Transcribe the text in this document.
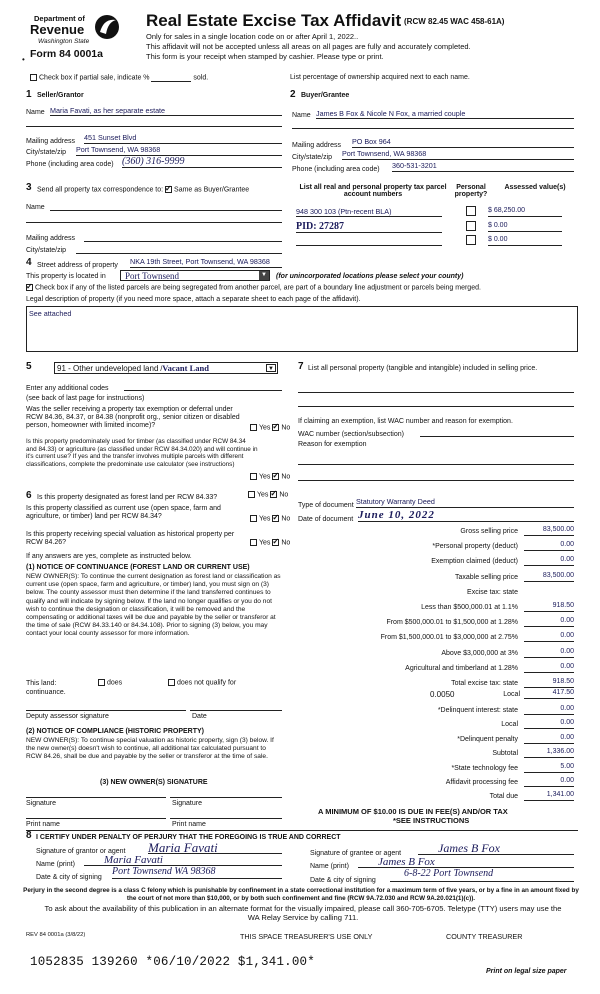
Department of
Revenue
Washington State
Form 84 0001a
•
Real Estate Excise Tax Affidavit (RCW 82.45 WAC 458-61A)
Only for sales in a single location code on or after April 1, 2022..
This affidavit will not be accepted unless all areas on all pages are fully and accurately completed.
This form is your receipt when stamped by cashier. Please type or print.
Check box if partial sale, indicate %	sold.	List percentage of ownership acquired next to each name.
1 Seller/Grantor
Name Maria Favati, as her separate estate
Mailing address 451 Sunset Blvd
City/state/zip Port Townsend, WA 98368
Phone (including area code) (360) 316-9999
2 Buyer/Grantee
Name James B Fox & Nicole N Fox, a married couple
Mailing address PO Box 964
City/state/zip Port Townsend, WA 98368
Phone (including area code) 360-531-3201
3 Send all property tax correspondence to: ✓ Same as Buyer/Grantee
Name
Mailing address
City/state/zip
List all real and personal property tax parcel account numbers
Personal property?
Assessed value(s)
948 300 103 (Ptn-recent BLA)	$ 68,250.00
PID: 27287	$ 0.00
$ 0.00
4 Street address of property NKA 19th Street, Port Townsend, WA 98368
This property is located in	Port Townsend	▼ (for unincorporated locations please select your county)
✓Check box if any of the listed parcels are being segregated from another parcel, are part of a boundary line adjustment or parcels being merged.
Legal description of property (if you need more space, attach a separate sheet to each page of the affidavit).
See attached
5	91 - Other undeveloped land /Vacant Land	▼
Enter any additional codes
(see back of last page for instructions)
Was the seller receiving a property tax exemption or deferral under RCW 84.36, 84.37, or 84.38 (nonprofit org., senior citizen or disabled person, homeowner with limited income)?	Yes ✓ No
Is this property predominately used for timber (as classified under RCW 84.34 and 84.33) or agriculture (as classified under RCW 84.34.020) and will continue in it's current use? If yes and the transfer involves multiple parcels with different classifications, complete the predominate use calculator (see instructions)
Yes ✓ No
6 Is this property designated as forest land per RCW 84.33?	Yes ✓ No
Is this property classified as current use (open space, farm and agriculture, or timber) land per RCW 84.34?	Yes ✓ No
Is this property receiving special valuation as historical property per RCW 84.26?	Yes ✓ No
If any answers are yes, complete as instructed below.
(1) NOTICE OF CONTINUANCE (FOREST LAND OR CURRENT USE)
NEW OWNER(S): To continue the current designation as forest land or classification as current use (open space, farm and agriculture, or timber) land, you must sign on (3) below. The county assessor must then determine if the land transferred continues to qualify and will indicate by signing below. If the land no longer qualifies or you do not wish to continue the designation or classification, it will be removed and the compensating or additional taxes will be due and payable by the seller or transferor at the time of sale (RCW 84.33.140 or 84.34.108). Prior to signing (3) below, you may contact your local county assessor for more information.
This land:	does	does not qualify for
continuance.
Deputy assessor signature	Date
(2) NOTICE OF COMPLIANCE (HISTORIC PROPERTY)
NEW OWNER(S): To continue special valuation as historic property, sign (3) below. If the new owner(s) doesn't wish to continue, all additional tax calculated pursuant to RCW 84.26, shall be due and payable by the seller or transferor at the time of sale.
(3) NEW OWNER(S) SIGNATURE
Signature	Signature
Print name	Print name
7 List all personal property (tangible and intangible) included in selling price.
If claiming an exemption, list WAC number and reason for exemption.
WAC number (section/subsection)
Reason for exemption
Type of document Statutory Warranty Deed
Date of document June 10, 2022
Gross selling price	83,500.00
*Personal property (deduct)	0.00
Exemption claimed (deduct)	0.00
Taxable selling price	83,500.00
Excise tax: state
Less than $500,000.01 at 1.1%	918.50
From $500,000.01 to $1,500,000 at 1.28%	0.00
From $1,500,000.01 to $3,000,000 at 2.75%	0.00
Above $3,000,000 at 3%	0.00
Agricultural and timberland at 1.28%	0.00
Total excise tax: state	918.50
0.0050	Local	417.50
*Delinquent interest: state	0.00
Local	0.00
*Delinquent penalty	0.00
Subtotal	1,336.00
*State technology fee	5.00
Affidavit processing fee	0.00
Total due	1,341.00
A MINIMUM OF $10.00 IS DUE IN FEE(S) AND/OR TAX
*SEE INSTRUCTIONS
8 I CERTIFY UNDER PENALTY OF PERJURY THAT THE FOREGOING IS TRUE AND CORRECT
Signature of grantor or agent Maria Favati
Name (print)	Maria Favati
Date & city of signing
Port Townsend WA 98368
Signature of grantee or agent	James B Fox
Name (print)	James B Fox
Date & city of signing
6-8-22 Port Townsend
Perjury in the second degree is a class C felony which is punishable by confinement in a state correctional institution for a maximum term of five years, or by a fine in an amount fixed by the court of not more than $10,000, or by both such confinement and fine (RCW 9A.72.030 and RCW 9A.20.021(1)(c)).
To ask about the availability of this publication in an alternate format for the visually impaired, please call 360-705-6705. Teletype (TTY) users may use the WA Relay Service by calling 711.
REV 84 0001a (3/8/22)	THIS SPACE TREASURER'S USE ONLY	COUNTY TREASURER
1052835 139260 *06/10/2022 $1,341.00*
Print on legal size paper
